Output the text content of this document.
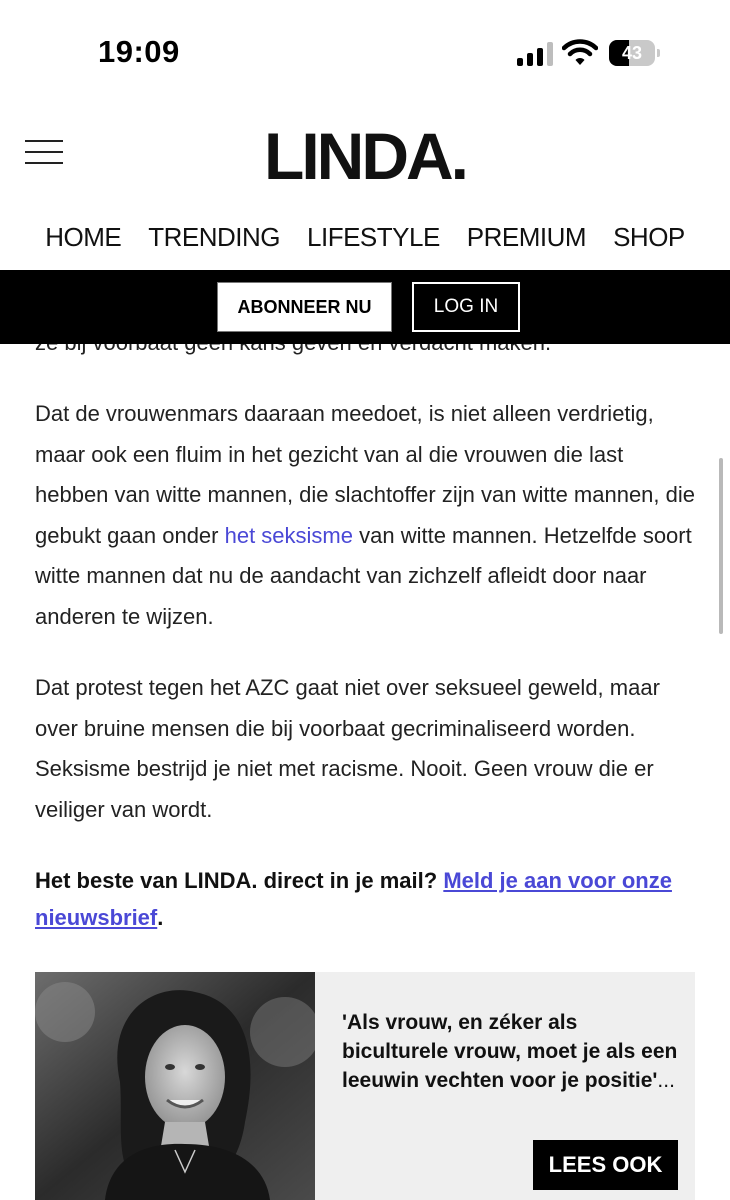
19:09	43
LINDA.
HOME TRENDING LIFESTYLE PREMIUM SHOP
ABONNEER NU	LOG IN

Dat de vrouwenmars daaraan meedoet, is niet alleen verdrietig, maar ook een fluim in het gezicht van al die vrouwen die last hebben van witte mannen, die slachtoffer zijn van witte mannen, die gebukt gaan onder het seksisme van witte mannen. Hetzelfde soort witte mannen dat nu de aandacht van zichzelf afleidt door naar anderen te wijzen.

Dat protest tegen het AZC gaat niet over seksueel geweld, maar over bruine mensen die bij voorbaat gecriminaliseerd worden. Seksisme bestrijd je niet met racisme. Nooit. Geen vrouw die er veiliger van wordt.

Het beste van LINDA. direct in je mail? Meld je aan voor onze nieuwsbrief.

'Als vrouw, en zéker als biculturele vrouw, moet je als een leeuwin vechten voor je positie'...
LEES OOK
